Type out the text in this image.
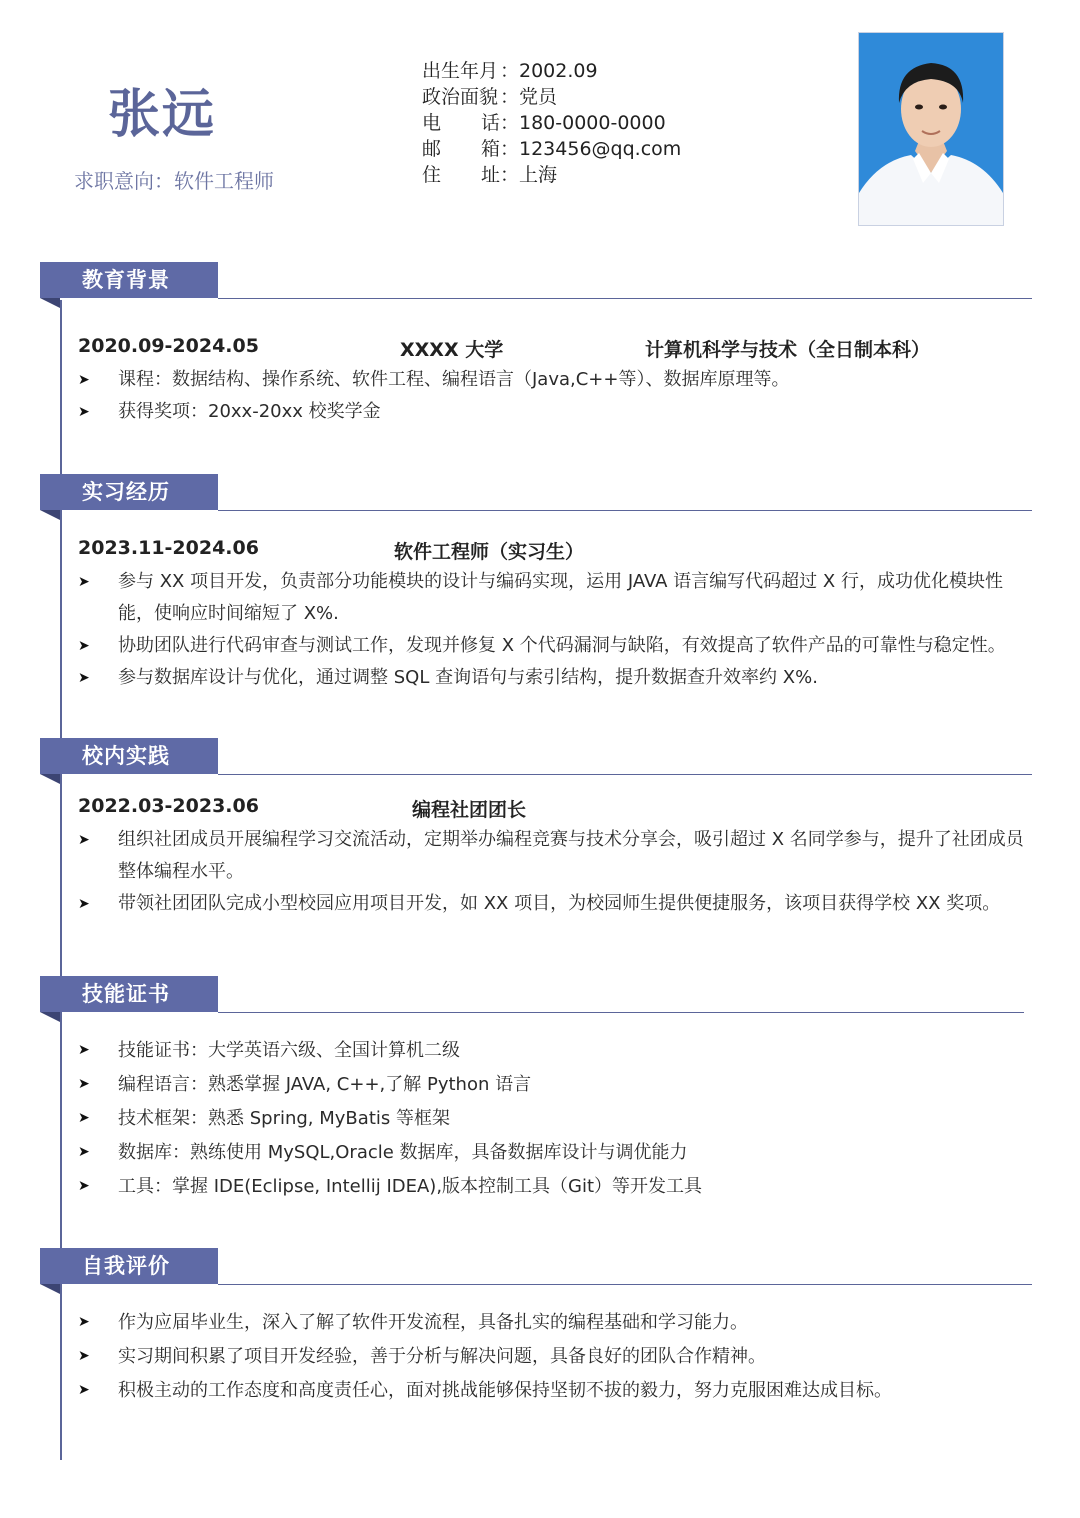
张远
求职意向：软件工程师
出生年月 ： 2002.09
政治面貌 ： 党员
电 话 ： 180-0000-0000
邮 箱 ： 123456@qq.com
住 址 ： 上海
教育背景
2020.09-2024.05	XXXX 大学	计算机科学与技术（全日制本科）
➤	课程：数据结构、操作系统、软件工程、编程语言（Java,C++等）、数据库原理等。
➤	获得奖项：20xx-20xx 校奖学金
实习经历
2023.11-2024.06	软件工程师（实习生）
➤	参与 XX 项目开发，负责部分功能模块的设计与编码实现，运用 JAVA 语言编写代码超过 X 行，成功优化模块性能，使响应时间缩短了 X%.
➤	协助团队进行代码审查与测试工作，发现并修复 X 个代码漏洞与缺陷，有效提高了软件产品的可靠性与稳定性。
➤	参与数据库设计与优化，通过调整 SQL 查询语句与索引结构，提升数据查升效率约 X%.
校内实践
2022.03-2023.06	编程社团团长
➤	组织社团成员开展编程学习交流活动，定期举办编程竞赛与技术分享会，吸引超过 X 名同学参与，提升了社团成员整体编程水平。
➤	带领社团团队完成小型校园应用项目开发，如 XX 项目，为校园师生提供便捷服务，该项目获得学校 XX 奖项。
技能证书
➤	技能证书：大学英语六级、全国计算机二级
➤	编程语言：熟悉掌握 JAVA, C++,了解 Python 语言
➤	技术框架：熟悉 Spring, MyBatis 等框架
➤	数据库：熟练使用 MySQL,Oracle 数据库，具备数据库设计与调优能力
➤	工具：掌握 IDE(Eclipse, Intellij IDEA),版本控制工具（Git）等开发工具
自我评价
➤	作为应届毕业生，深入了解了软件开发流程，具备扎实的编程基础和学习能力。
➤	实习期间积累了项目开发经验，善于分析与解决问题，具备良好的团队合作精神。
➤	积极主动的工作态度和高度责任心，面对挑战能够保持坚韧不拔的毅力，努力克服困难达成目标。
